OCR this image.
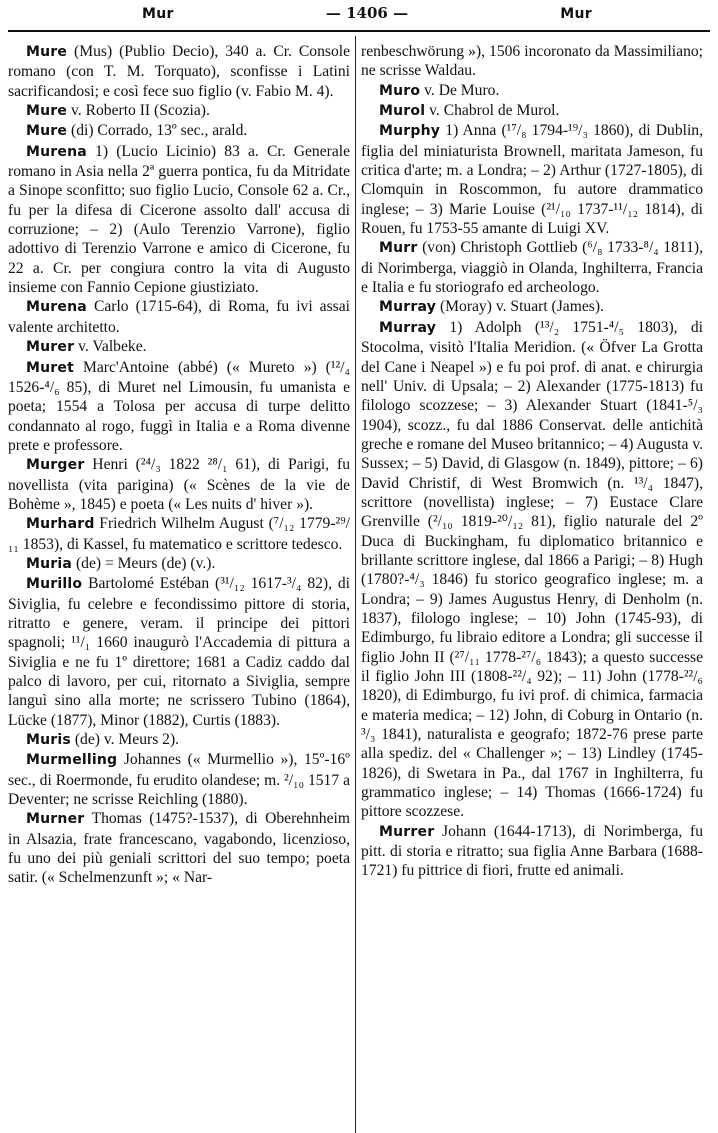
Mur	— 1406 —	Mur

Mure (Mus) (Publio Decio), 340 a. Cr. Console romano (con T. M. Torquato), sconfisse i Latini sacrificandosi; e così fece suo figlio (v. Fabio M. 4).

Mure v. Roberto II (Scozia).

Mure (di) Corrado, 13º sec., arald.

Murena 1) (Lucio Licinio) 83 a. Cr. Generale romano in Asia nella 2ª guerra pontica, fu da Mitridate a Sinope sconfitto; suo figlio Lucio, Console 62 a. Cr., fu per la difesa di Cicerone assolto dall' accusa di corruzione; – 2) (Aulo Terenzio Varrone), figlio adottivo di Terenzio Varrone e amico di Cicerone, fu 22 a. Cr. per congiura contro la vita di Augusto insieme con Fannio Cepione giustiziato.

Murena Carlo (1715-64), di Roma, fu ivi assai valente architetto.

Murer v. Valbeke.

Muret Marc'Antoine (abbé) (« Mureto ») (¹²/₄ 1526-⁴/₆ 85), di Muret nel Limousin, fu umanista e poeta; 1554 a Tolosa per accusa di turpe delitto condannato al rogo, fuggì in Italia e a Roma divenne prete e professore.

Murger Henri (²⁴/₃ 1822 ²⁸/₁ 61), di Parigi, fu novellista (vita parigina) (« Scènes de la vie de Bohème », 1845) e poeta (« Les nuits d' hiver »).

Murhard Friedrich Wilhelm August (⁷/₁₂ 1779-²⁹/₁₁ 1853), di Kassel, fu matematico e scrittore tedesco.

Muria (de) = Meurs (de) (v.).

Murillo Bartolomé Estéban (³¹/₁₂ 1617-³/₄ 82), di Siviglia, fu celebre e fecondissimo pittore di storia, ritratto e genere, veram. il principe dei pittori spagnoli; ¹¹/₁ 1660 inaugurò l'Accademia di pittura a Siviglia e ne fu 1º direttore; 1681 a Cadiz caddo dal palco di lavoro, per cui, ritornato a Siviglia, sempre languì sino alla morte; ne scrissero Tubino (1864), Lücke (1877), Minor (1882), Curtis (1883).

Muris (de) v. Meurs 2).

Murmelling Johannes (« Murmellio »), 15º-16º sec., di Roermonde, fu erudito olandese; m. ²/₁₀ 1517 a Deventer; ne scrisse Reichling (1880).

Murner Thomas (1475?-1537), di Oberehnheim in Alsazia, frate francescano, vagabondo, licenzioso, fu uno dei più geniali scrittori del suo tempo; poeta satir. (« Schelmenzunft »; « Nar-

renbeschwörung »), 1506 incoronato da Massimiliano; ne scrisse Waldau.

Muro v. De Muro.

Murol v. Chabrol de Murol.

Murphy 1) Anna (¹⁷/₈ 1794-¹⁹/₃ 1860), di Dublin, figlia del miniaturista Brownell, maritata Jameson, fu critica d'arte; m. a Londra; – 2) Arthur (1727-1805), di Clomquin in Roscommon, fu autore drammatico inglese; – 3) Marie Louise (²¹/₁₀ 1737-¹¹/₁₂ 1814), di Rouen, fu 1753-55 amante di Luigi XV.

Murr (von) Christoph Gottlieb (⁶/₈ 1733-⁸/₄ 1811), di Norimberga, viaggiò in Olanda, Inghilterra, Francia e Italia e fu storiografo ed archeologo.

Murray (Moray) v. Stuart (James).

Murray 1) Adolph (¹³/₂ 1751-⁴/₅ 1803), di Stocolma, visitò l'Italia Meridion. (« Öfver La Grotta del Cane i Neapel ») e fu poi prof. di anat. e chirurgia nell' Univ. di Upsala; – 2) Alexander (1775-1813) fu filologo scozzese; – 3) Alexander Stuart (1841-⁵/₃ 1904), scozz., fu dal 1886 Conservat. delle antichità greche e romane del Museo britannico; – 4) Augusta v. Sussex; – 5) David, di Glasgow (n. 1849), pittore; – 6) David Christif, di West Bromwich (n. ¹³/₄ 1847), scrittore (novellista) inglese; – 7) Eustace Clare Grenville (²/₁₀ 1819-²⁰/₁₂ 81), figlio naturale del 2º Duca di Buckingham, fu diplomatico britannico e brillante scrittore inglese, dal 1866 a Parigi; – 8) Hugh (1780?-⁴/₃ 1846) fu storico geografico inglese; m. a Londra; – 9) James Augustus Henry, di Denholm (n. 1837), filologo inglese; – 10) John (1745-93), di Edimburgo, fu libraio editore a Londra; gli successe il figlio John II (²⁷/₁₁ 1778-²⁷/₆ 1843); a questo successe il figlio John III (1808-²²/₄ 92); – 11) John (1778-²²/₆ 1820), di Edimburgo, fu ivi prof. di chimica, farmacia e materia medica; – 12) John, di Coburg in Ontario (n. ³/₃ 1841), naturalista e geografo; 1872-76 prese parte alla spediz. del « Challenger »; – 13) Lindley (1745-1826), di Swetara in Pa., dal 1767 in Inghilterra, fu grammatico inglese; – 14) Thomas (1666-1724) fu pittore scozzese.

Murrer Johann (1644-1713), di Norimberga, fu pitt. di storia e ritratto; sua figlia Anne Barbara (1688-1721) fu pittrice di fiori, frutte ed animali.
